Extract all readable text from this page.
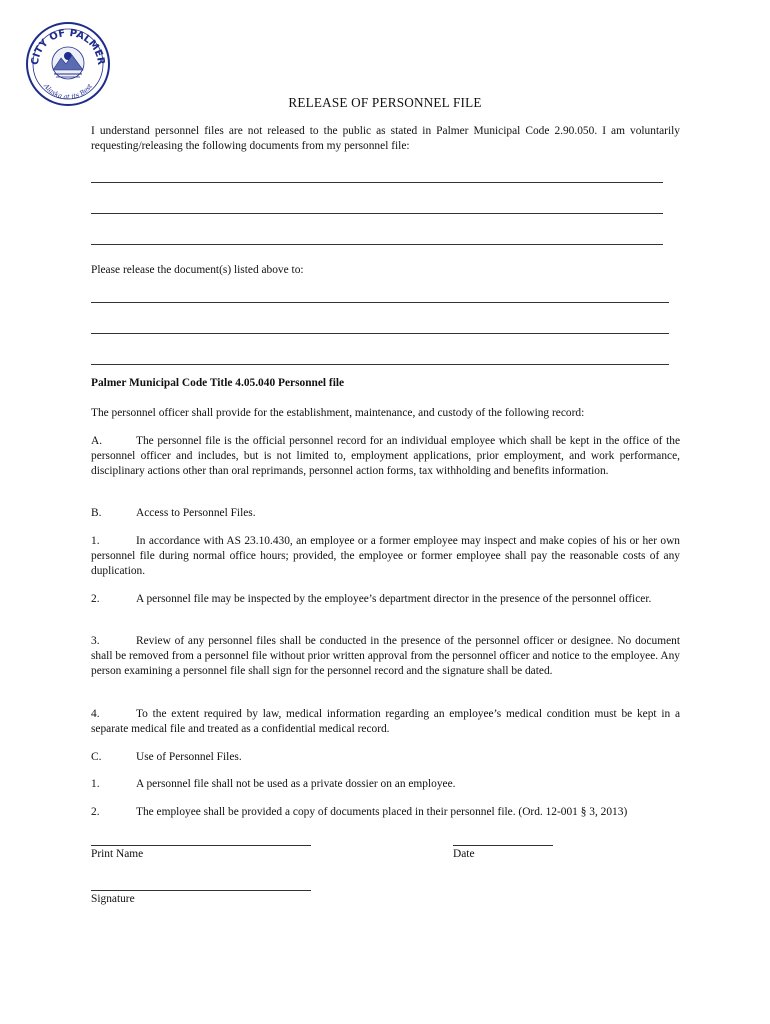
CITY OF PALMER
Alaska at its Best
RELEASE OF PERSONNEL FILE
I understand personnel files are not released to the public as stated in Palmer Municipal Code 2.90.050. I am voluntarily requesting/releasing the following documents from my personnel file:
Please release the document(s) listed above to:
Palmer Municipal Code Title 4.05.040 Personnel file
The personnel officer shall provide for the establishment, maintenance, and custody of the following record:
A.	The personnel file is the official personnel record for an individual employee which shall be kept in the office of the personnel officer and includes, but is not limited to, employment applications, prior employment, and work performance, disciplinary actions other than oral reprimands, personnel action forms, tax withholding and benefits information.
B.	Access to Personnel Files.
1.	In accordance with AS 23.10.430, an employee or a former employee may inspect and make copies of his or her own personnel file during normal office hours; provided, the employee or former employee shall pay the reasonable costs of any duplication.
2.	A personnel file may be inspected by the employee’s department director in the presence of the personnel officer.
3.	Review of any personnel files shall be conducted in the presence of the personnel officer or designee. No document shall be removed from a personnel file without prior written approval from the personnel officer and notice to the employee. Any person examining a personnel file shall sign for the personnel record and the signature shall be dated.
4.	To the extent required by law, medical information regarding an employee’s medical condition must be kept in a separate medical file and treated as a confidential medical record.
C.	Use of Personnel Files.
1.	A personnel file shall not be used as a private dossier on an employee.
2.	The employee shall be provided a copy of documents placed in their personnel file. (Ord. 12-001 § 3, 2013)
Print Name	Date
Signature
